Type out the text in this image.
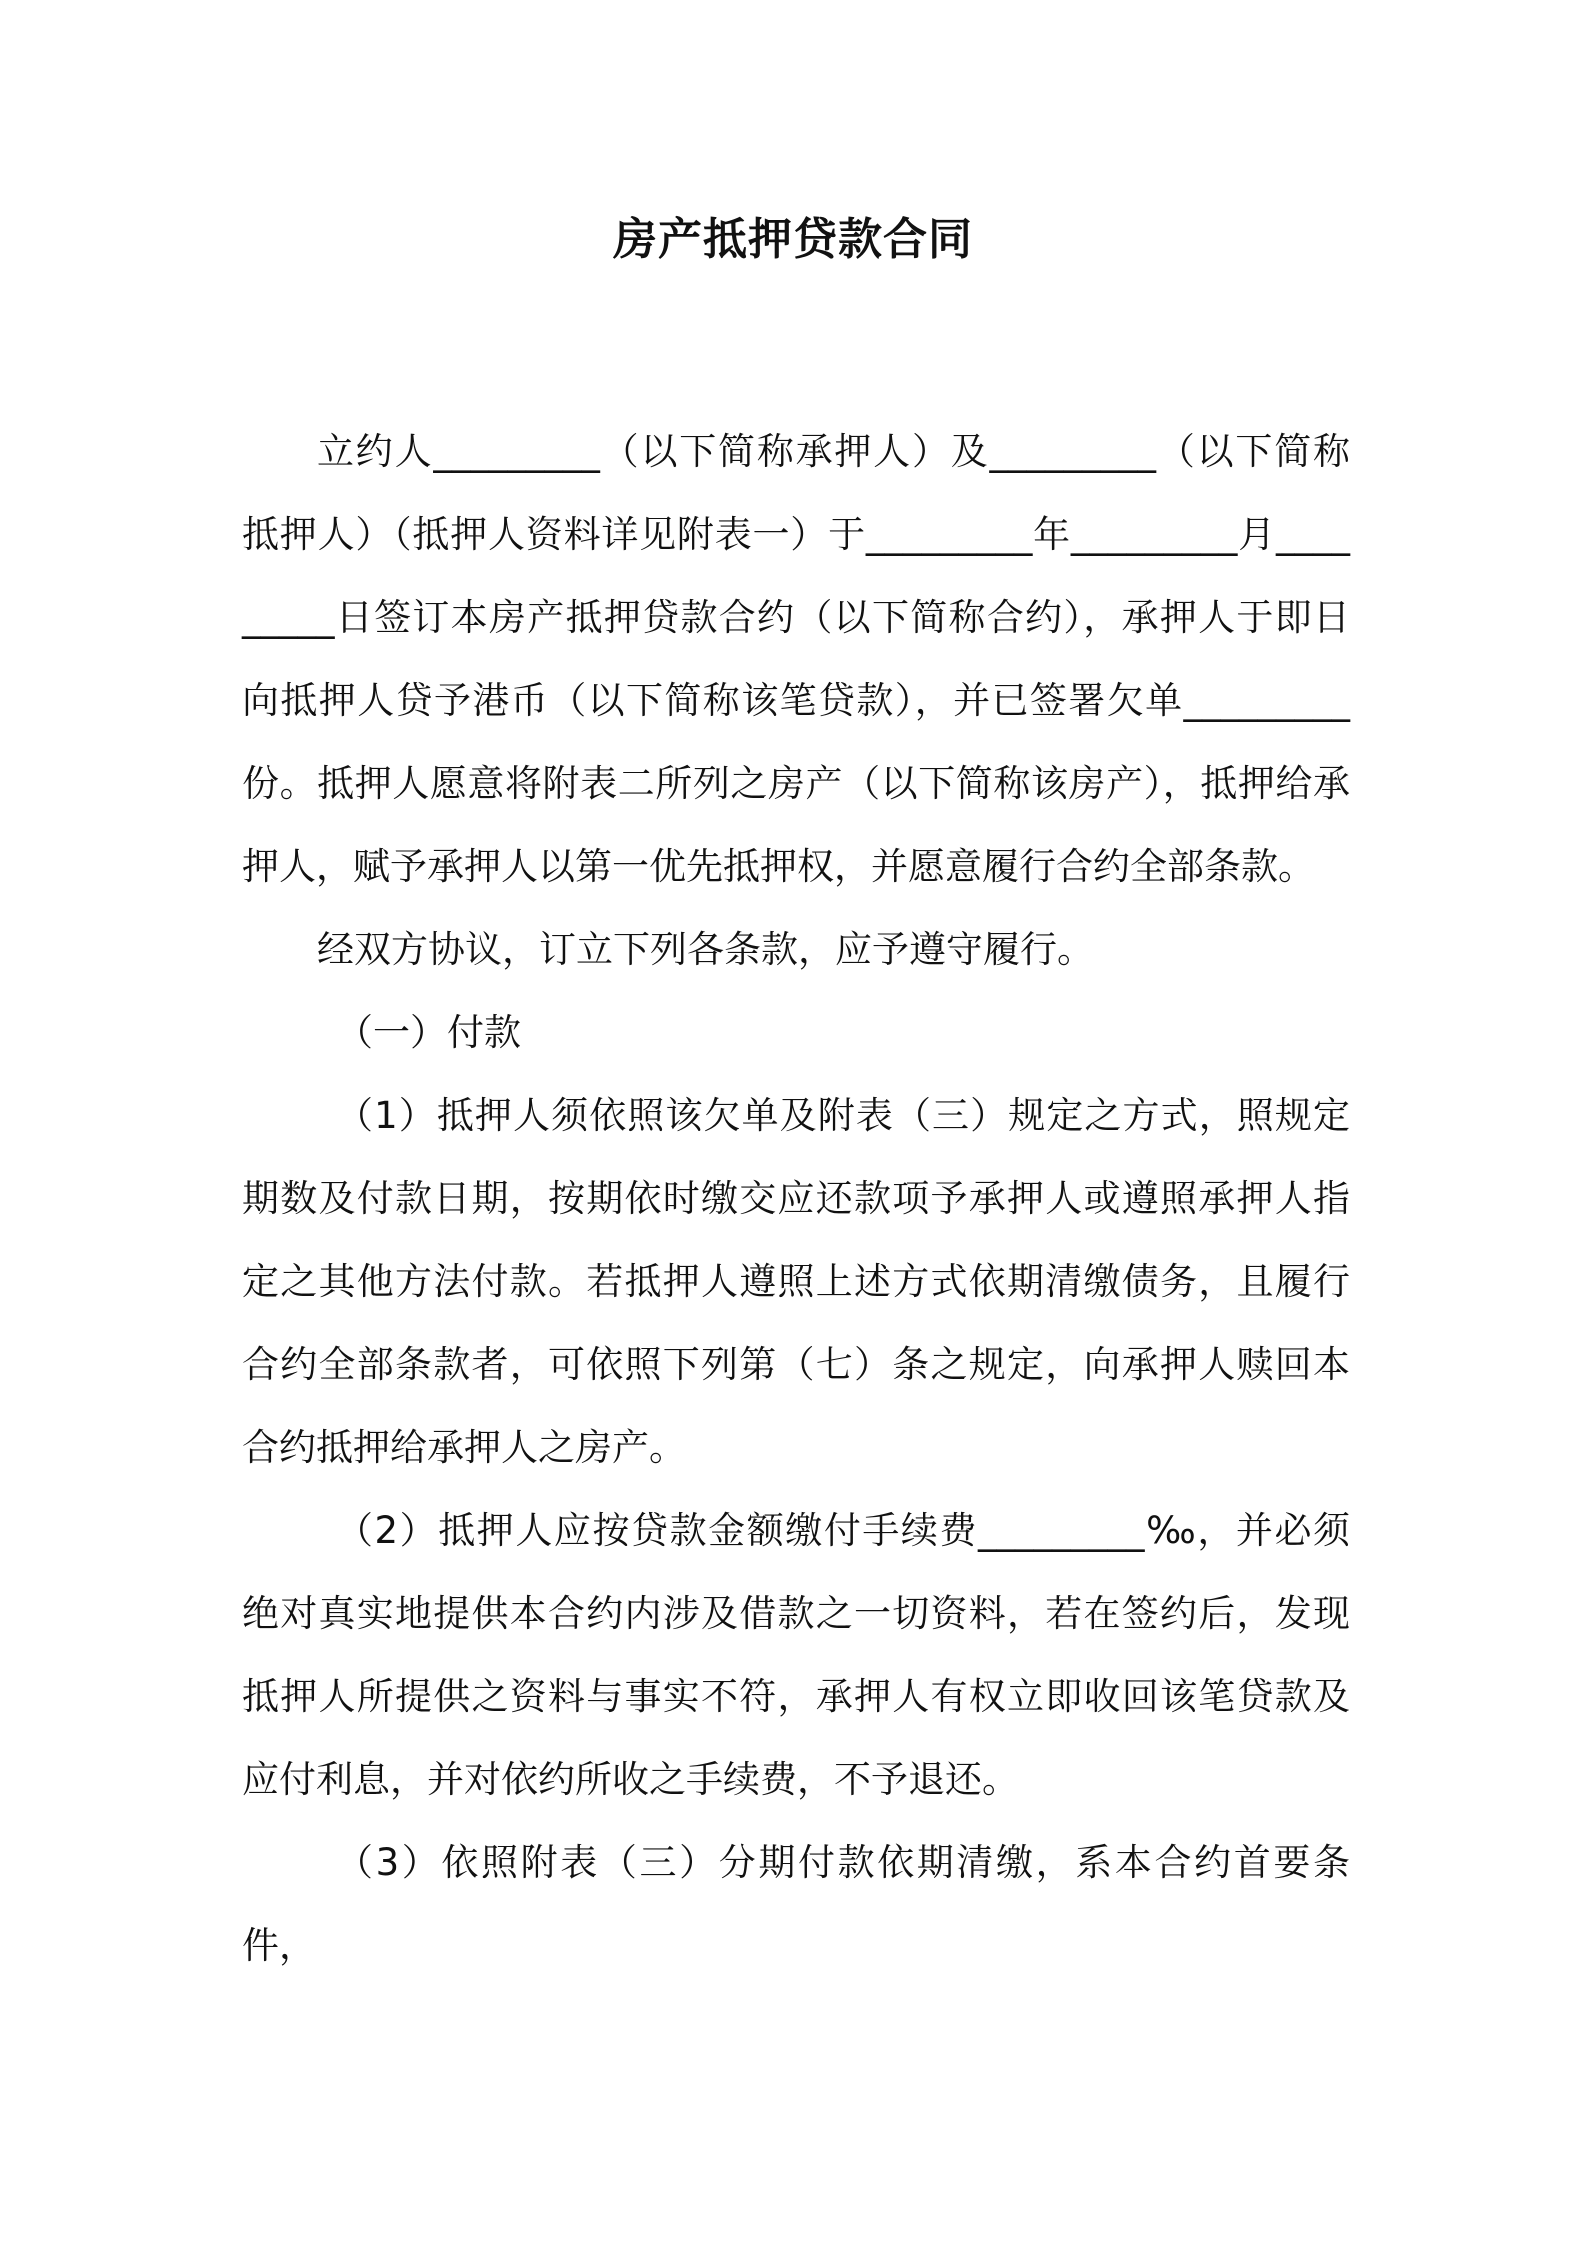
房产抵押贷款合同

立约人_________（以下简称承押人）及_________（以下简称抵押人）（抵押人资料详见附表一）于_________年_________月_________日签订本房产抵押贷款合约（以下简称合约），承押人于即日向抵押人贷予港币（以下简称该笔贷款），并已签署欠单_________份。抵押人愿意将附表二所列之房产（以下简称该房产），抵押给承押人，赋予承押人以第一优先抵押权，并愿意履行合约全部条款。

经双方协议，订立下列各条款，应予遵守履行。

（一）付款

（1）抵押人须依照该欠单及附表（三）规定之方式，照规定期数及付款日期，按期依时缴交应还款项予承押人或遵照承押人指定之其他方法付款。若抵押人遵照上述方式依期清缴债务，且履行合约全部条款者，可依照下列第（七）条之规定，向承押人赎回本合约抵押给承押人之房产。

（2）抵押人应按贷款金额缴付手续费_________‰，并必须绝对真实地提供本合约内涉及借款之一切资料，若在签约后，发现抵押人所提供之资料与事实不符，承押人有权立即收回该笔贷款及应付利息，并对依约所收之手续费，不予退还。

（3）依照附表（三）分期付款依期清缴，系本合约首要条件，
